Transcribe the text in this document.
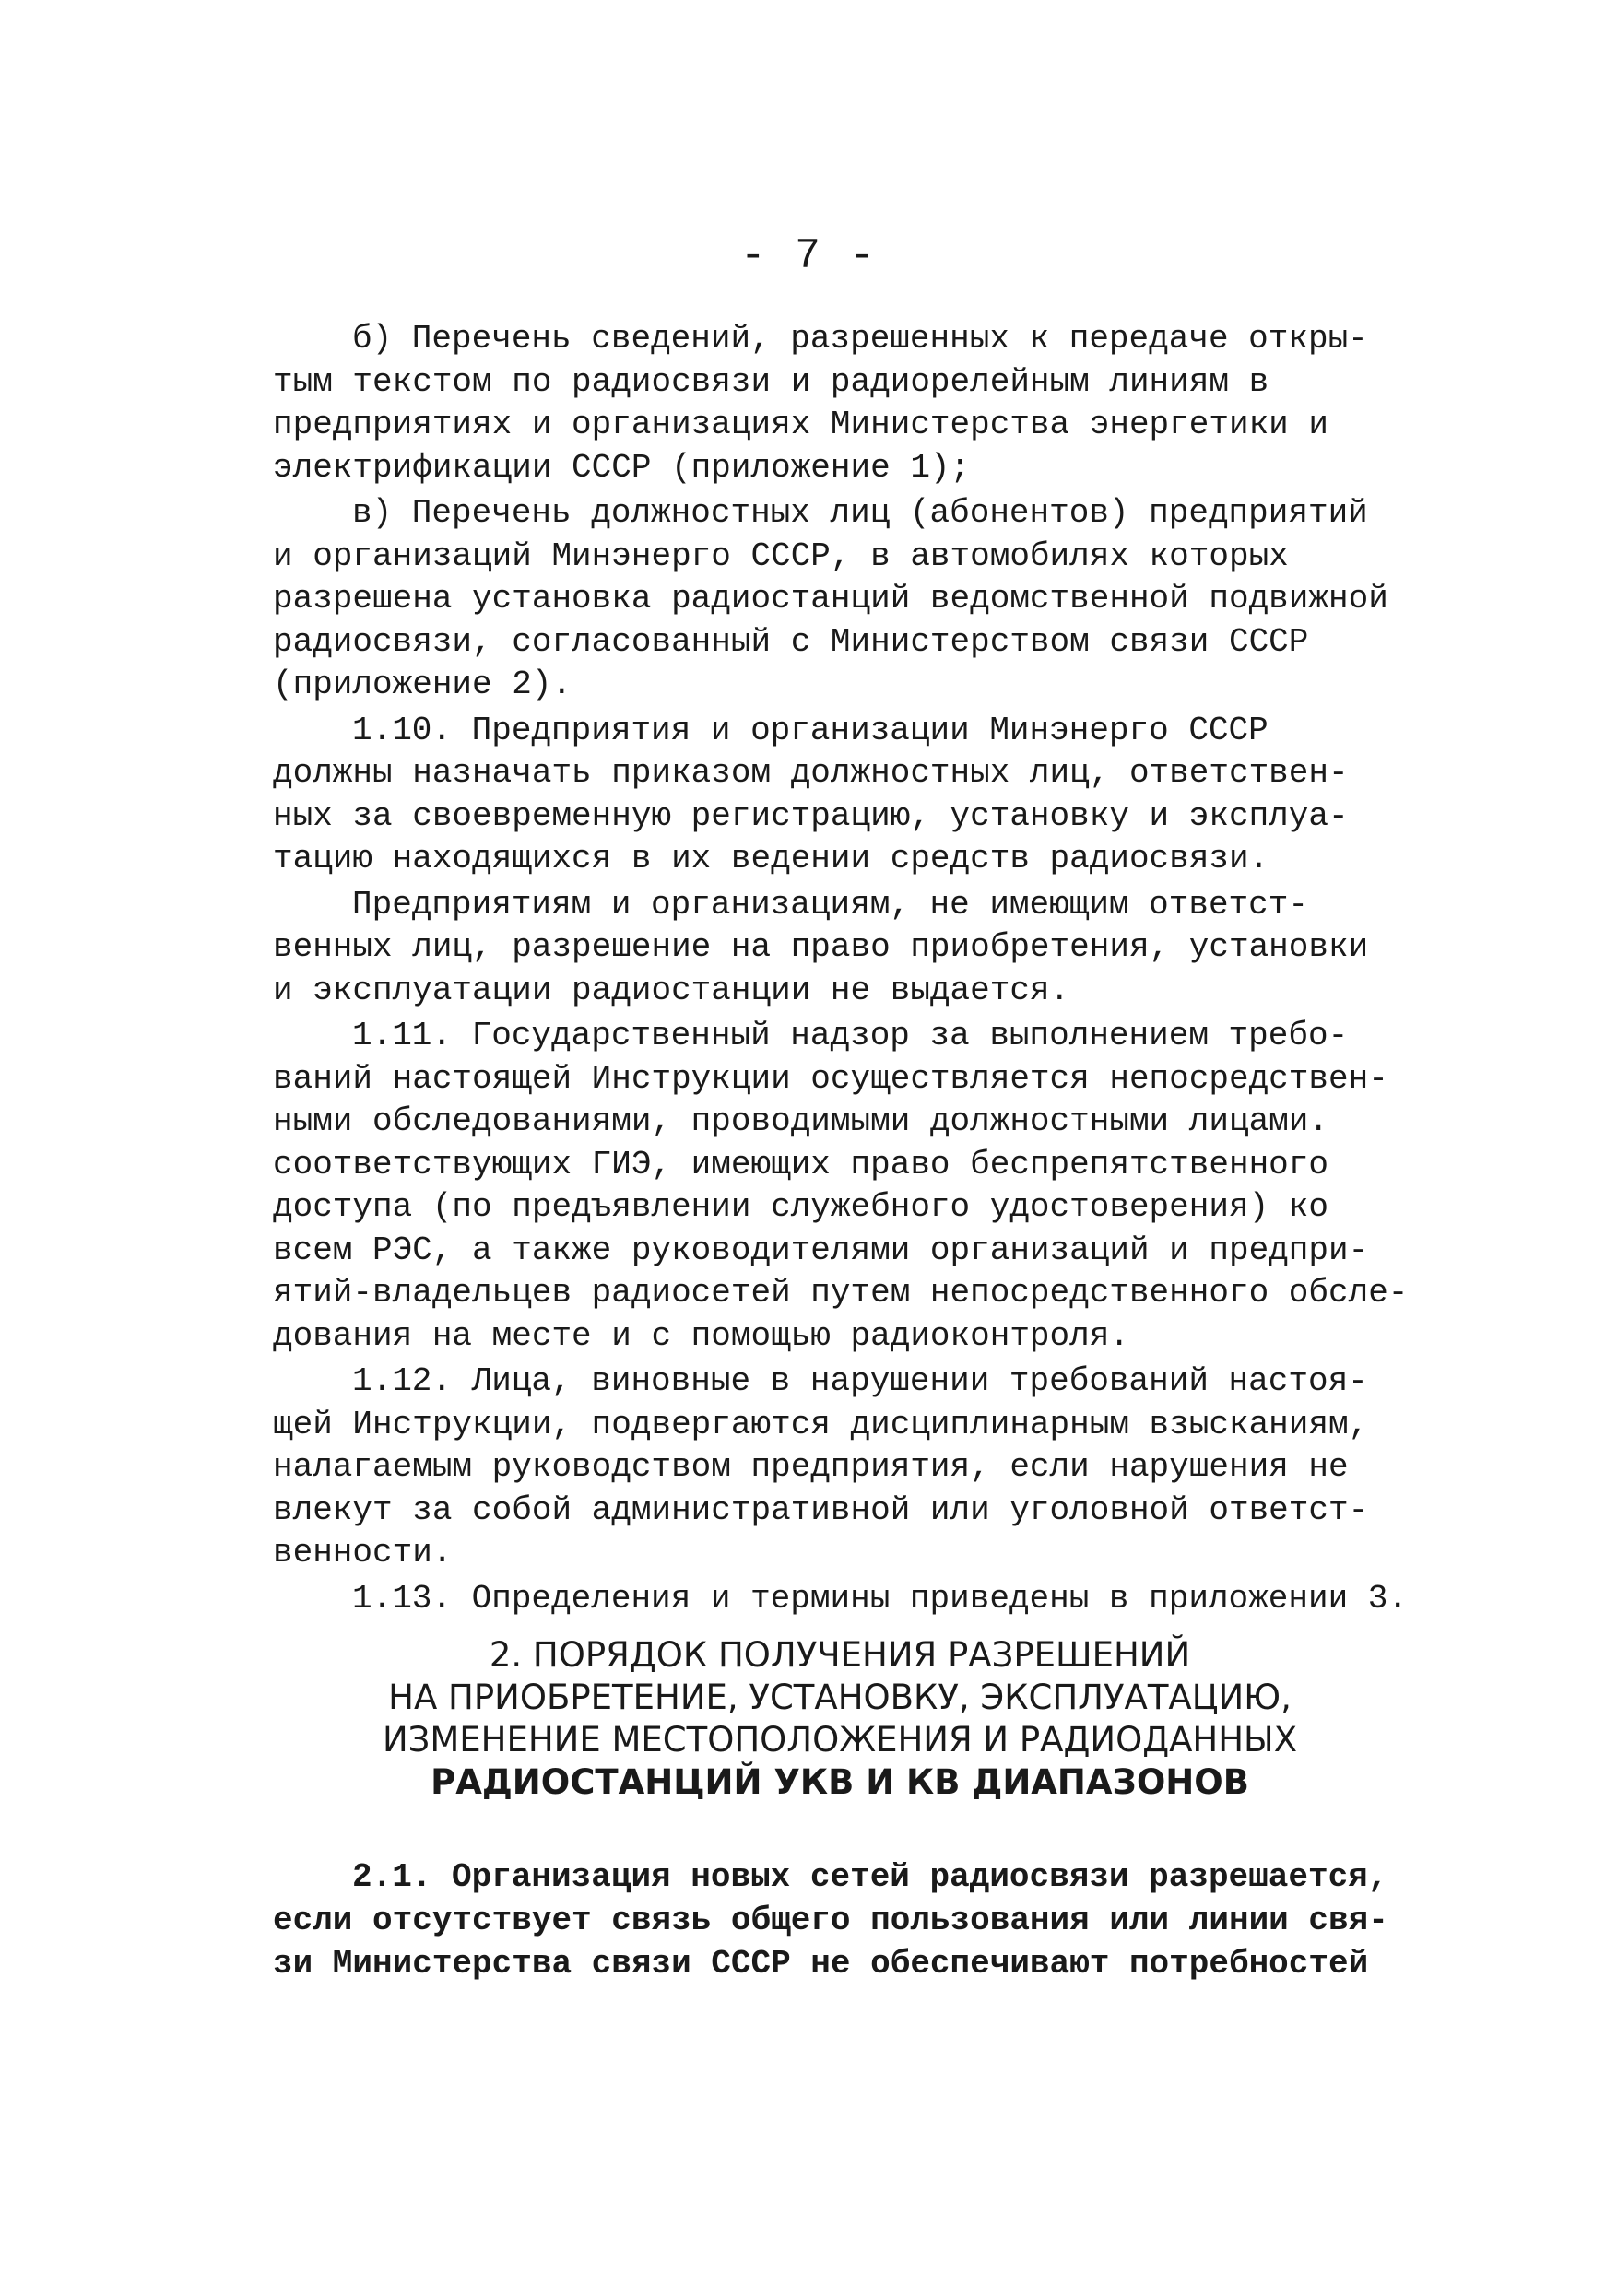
- 7 -
б) Перечень сведений, разрешенных к передаче откры-
тым текстом по радиосвязи и радиорелейным линиям в
предприятиях и организациях Министерства энергетики и
электрификации СССР (приложение 1);
в) Перечень должностных лиц (абонентов) предприятий
и организаций Минэнерго СССР, в автомобилях которых
разрешена установка радиостанций ведомственной подвижной
радиосвязи, согласованный с Министерством связи СССР
(приложение 2).
1.10. Предприятия и организации Минэнерго СССР
должны назначать приказом должностных лиц, ответствен-
ных за своевременную регистрацию, установку и эксплуа-
тацию находящихся в их ведении средств радиосвязи.
Предприятиям и организациям, не имеющим ответст-
венных лиц, разрешение на право приобретения, установки
и эксплуатации радиостанции не выдается.
1.11. Государственный надзор за выполнением требо-
ваний настоящей Инструкции осуществляется непосредствен-
ными обследованиями, проводимыми должностными лицами.
соответствующих ГИЭ, имеющих право беспрепятственного
доступа (по предъявлении служебного удостоверения) ко
всем РЭС, а также руководителями организаций и предпри-
ятий-владельцев радиосетей путем непосредственного обсле-
дования на месте и с помощью радиоконтроля.
1.12. Лица, виновные в нарушении требований настоя-
щей Инструкции, подвергаются дисциплинарным взысканиям,
налагаемым руководством предприятия, если нарушения не
влекут за собой административной или уголовной ответст-
венности.
1.13. Определения и термины приведены в приложении 3.
2. ПОРЯДОК ПОЛУЧЕНИЯ РАЗРЕШЕНИЙ
НА ПРИОБРЕТЕНИЕ, УСТАНОВКУ, ЭКСПЛУАТАЦИЮ,
ИЗМЕНЕНИЕ МЕСТОПОЛОЖЕНИЯ И РАДИОДАННЫХ
РАДИОСТАНЦИЙ УКВ И КВ ДИАПАЗОНОВ
2.1. Организация новых сетей радиосвязи разрешается,
если отсутствует связь общего пользования или линии свя-
зи Министерства связи СССР не обеспечивают потребностей
